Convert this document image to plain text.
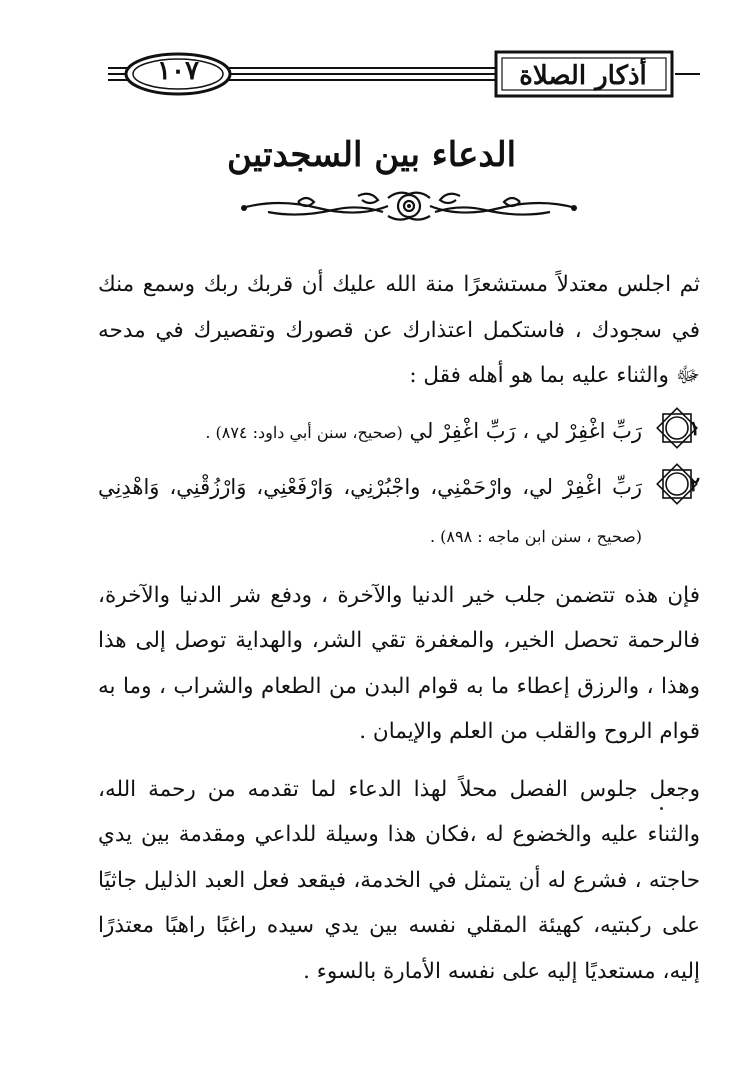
١٠٧	أذكار الصلاة
الدعاء بين السجدتين

ثم اجلس معتدلاً مستشعرًا منة الله عليك أن قربك ربك وسمع منك في سجودك ، فاستكمل اعتذارك عن قصورك وتقصيرك في مدحه ﷻ والثناء عليه بما هو أهله فقل :

١
رَبِّ اغْفِرْ لي ، رَبِّ اغْفِرْ لي (صحيح، سنن أبي داود: ٨٧٤) .
٢
رَبِّ اغْفِرْ لي، وارْحَمْنِي، واجْبُرْنِي، وَارْفَعْنِي، وَارْزُقْنِي، وَاهْدِنِي (صحيح ، سنن ابن ماجه : ٨٩٨) .

فإن هذه تتضمن جلب خير الدنيا والآخرة ، ودفع شر الدنيا والآخرة، فالرحمة تحصل الخير، والمغفرة تقي الشر، والهداية توصل إلى هذا وهذا ، والرزق إعطاء ما به قوام البدن من الطعام والشراب ، وما به قوام الروح والقلب من العلم والإيمان .

وجعل جلوس الفصل محلاً لهذا الدعاء لما تقدمه من رحمة الله، والثناء عليه والخضوع له ،فكان هذا وسيلة للداعي ومقدمة بين يدي حاجته ، فشرع له أن يتمثل في الخدمة، فيقعد فعل العبد الذليل جاثيًا على ركبتيه، كهيئة المقلي نفسه بين يدي سيده راغبًا راهبًا معتذرًا إليه، مستعديًا إليه على نفسه الأمارة بالسوء .
